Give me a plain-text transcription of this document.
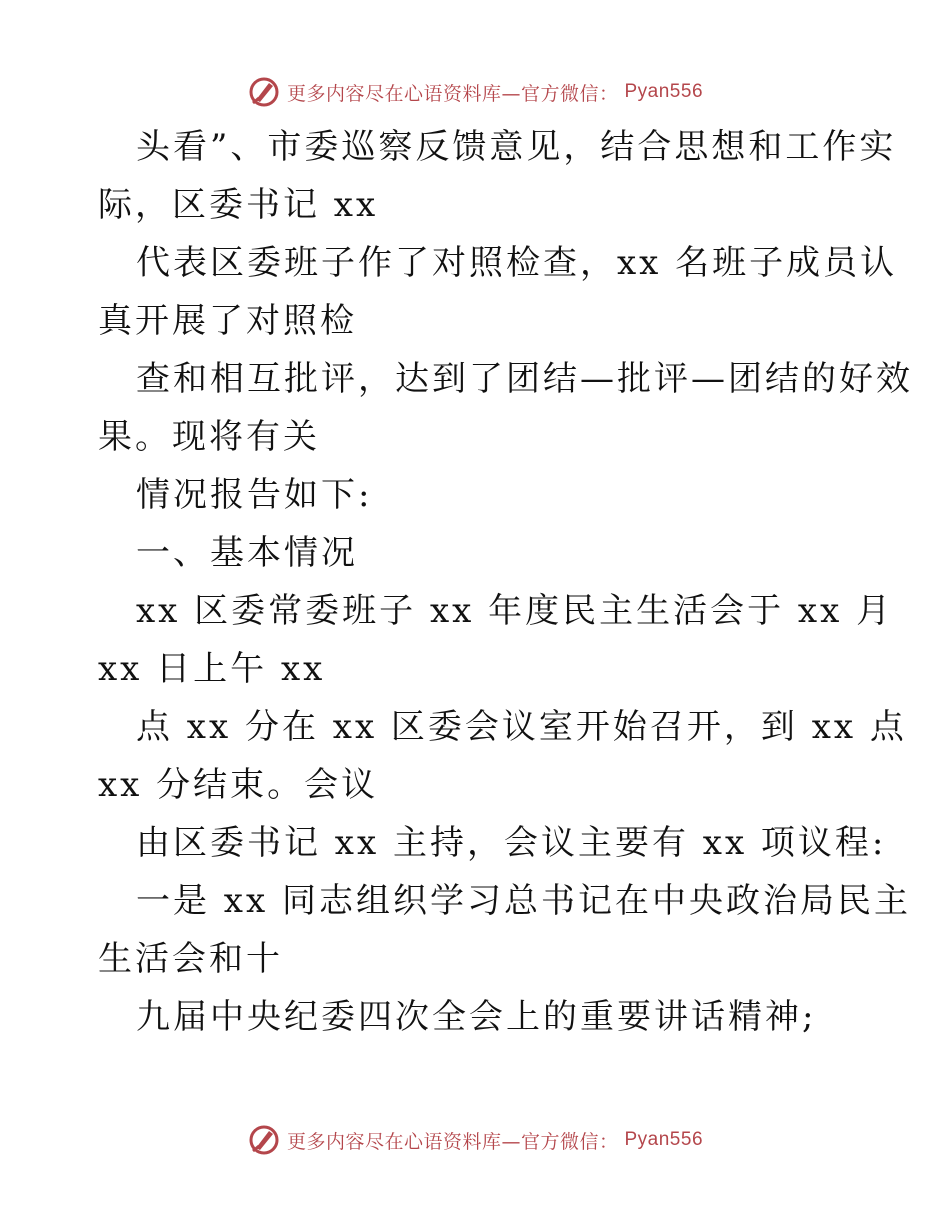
更多内容尽在心语资料库—官方微信： Pyan556
头看”、市委巡察反馈意见，结合思想和工作实
际，区委书记 xx
代表区委班子作了对照检查，xx 名班子成员认
真开展了对照检
查和相互批评，达到了团结—批评—团结的好效
果。现将有关
情况报告如下:
一、基本情况
xx 区委常委班子 xx 年度民主生活会于 xx 月
xx 日上午 xx
点 xx 分在 xx 区委会议室开始召开，到 xx 点
xx 分结束。会议
由区委书记 xx 主持，会议主要有 xx 项议程:
一是 xx 同志组织学习总书记在中央政治局民主
生活会和十
九届中央纪委四次全会上的重要讲话精神;
更多内容尽在心语资料库—官方微信： Pyan556
